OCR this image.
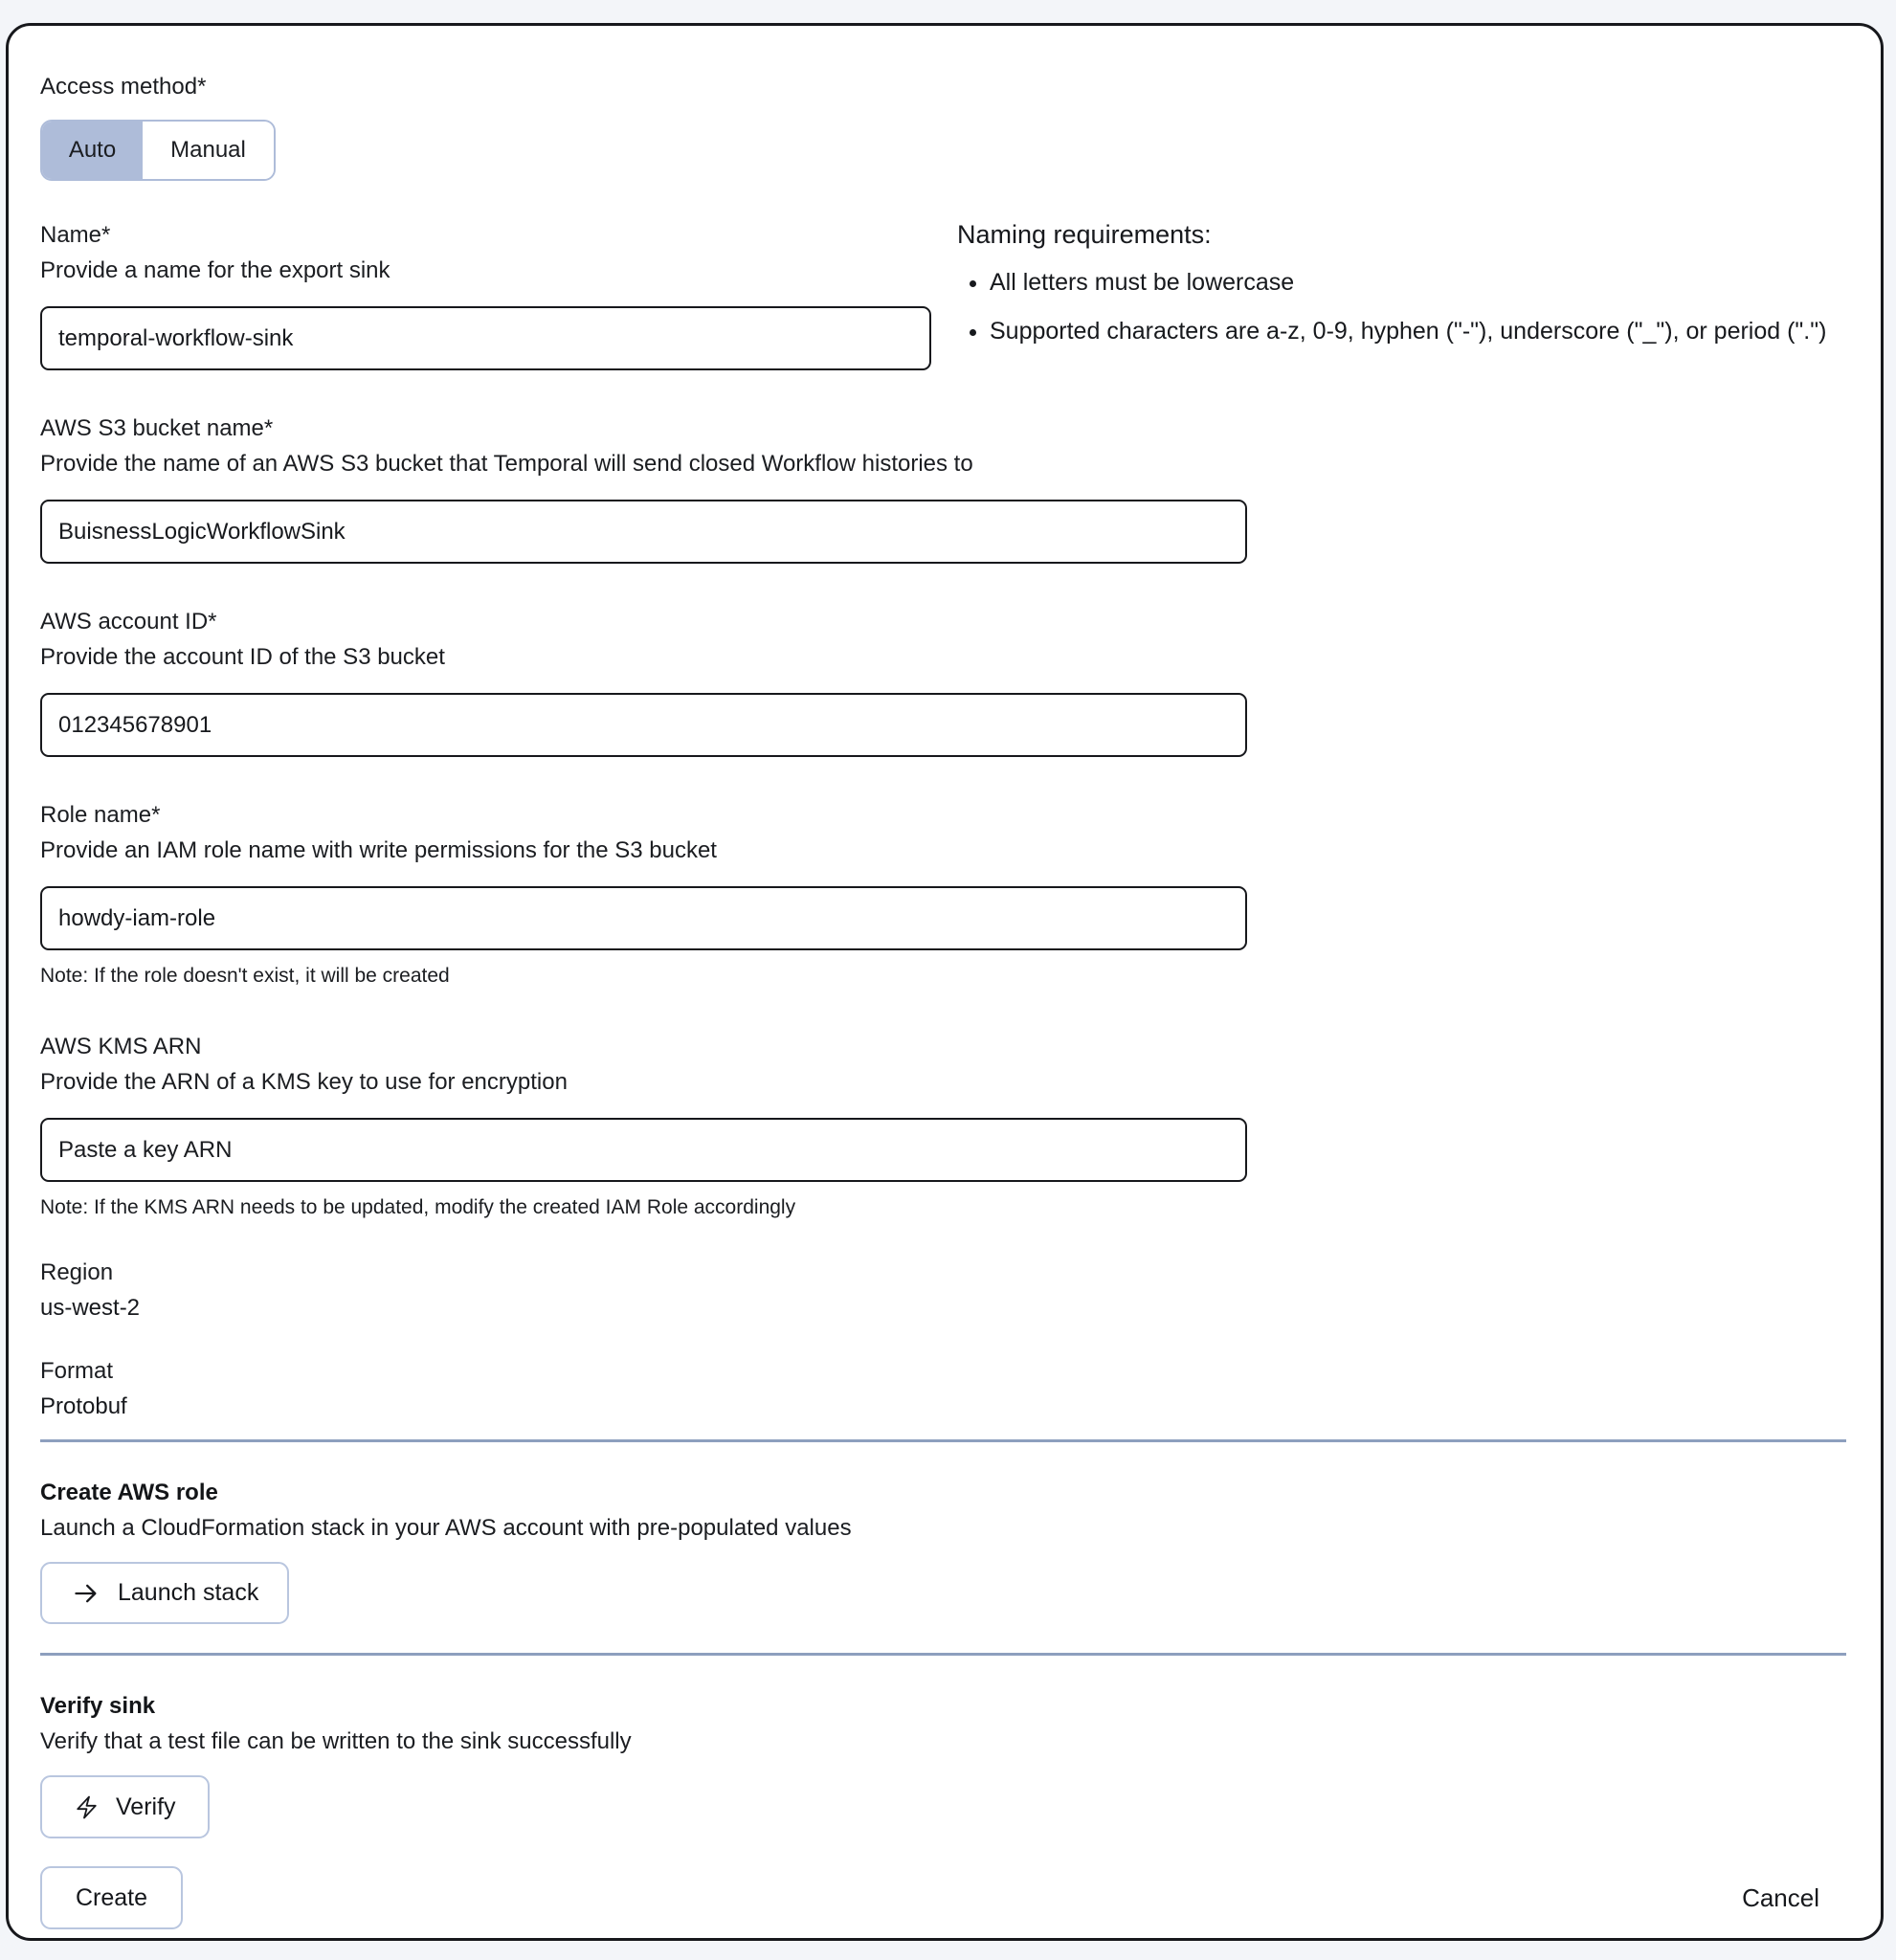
Access method*
Auto	Manual
Name*
Provide a name for the export sink
temporal-workflow-sink
Naming requirements:
• All letters must be lowercase
• Supported characters are a-z, 0-9, hyphen ("-"), underscore ("_"), or period (".")
AWS S3 bucket name*
Provide the name of an AWS S3 bucket that Temporal will send closed Workflow histories to
BuisnessLogicWorkflowSink
AWS account ID*
Provide the account ID of the S3 bucket
012345678901
Role name*
Provide an IAM role name with write permissions for the S3 bucket
howdy-iam-role
Note: If the role doesn't exist, it will be created
AWS KMS ARN
Provide the ARN of a KMS key to use for encryption
Paste a key ARN
Note: If the KMS ARN needs to be updated, modify the created IAM Role accordingly
Region
us-west-2
Format
Protobuf
Create AWS role
Launch a CloudFormation stack in your AWS account with pre-populated values
Launch stack
Verify sink
Verify that a test file can be written to the sink successfully
Verify
Create	Cancel
